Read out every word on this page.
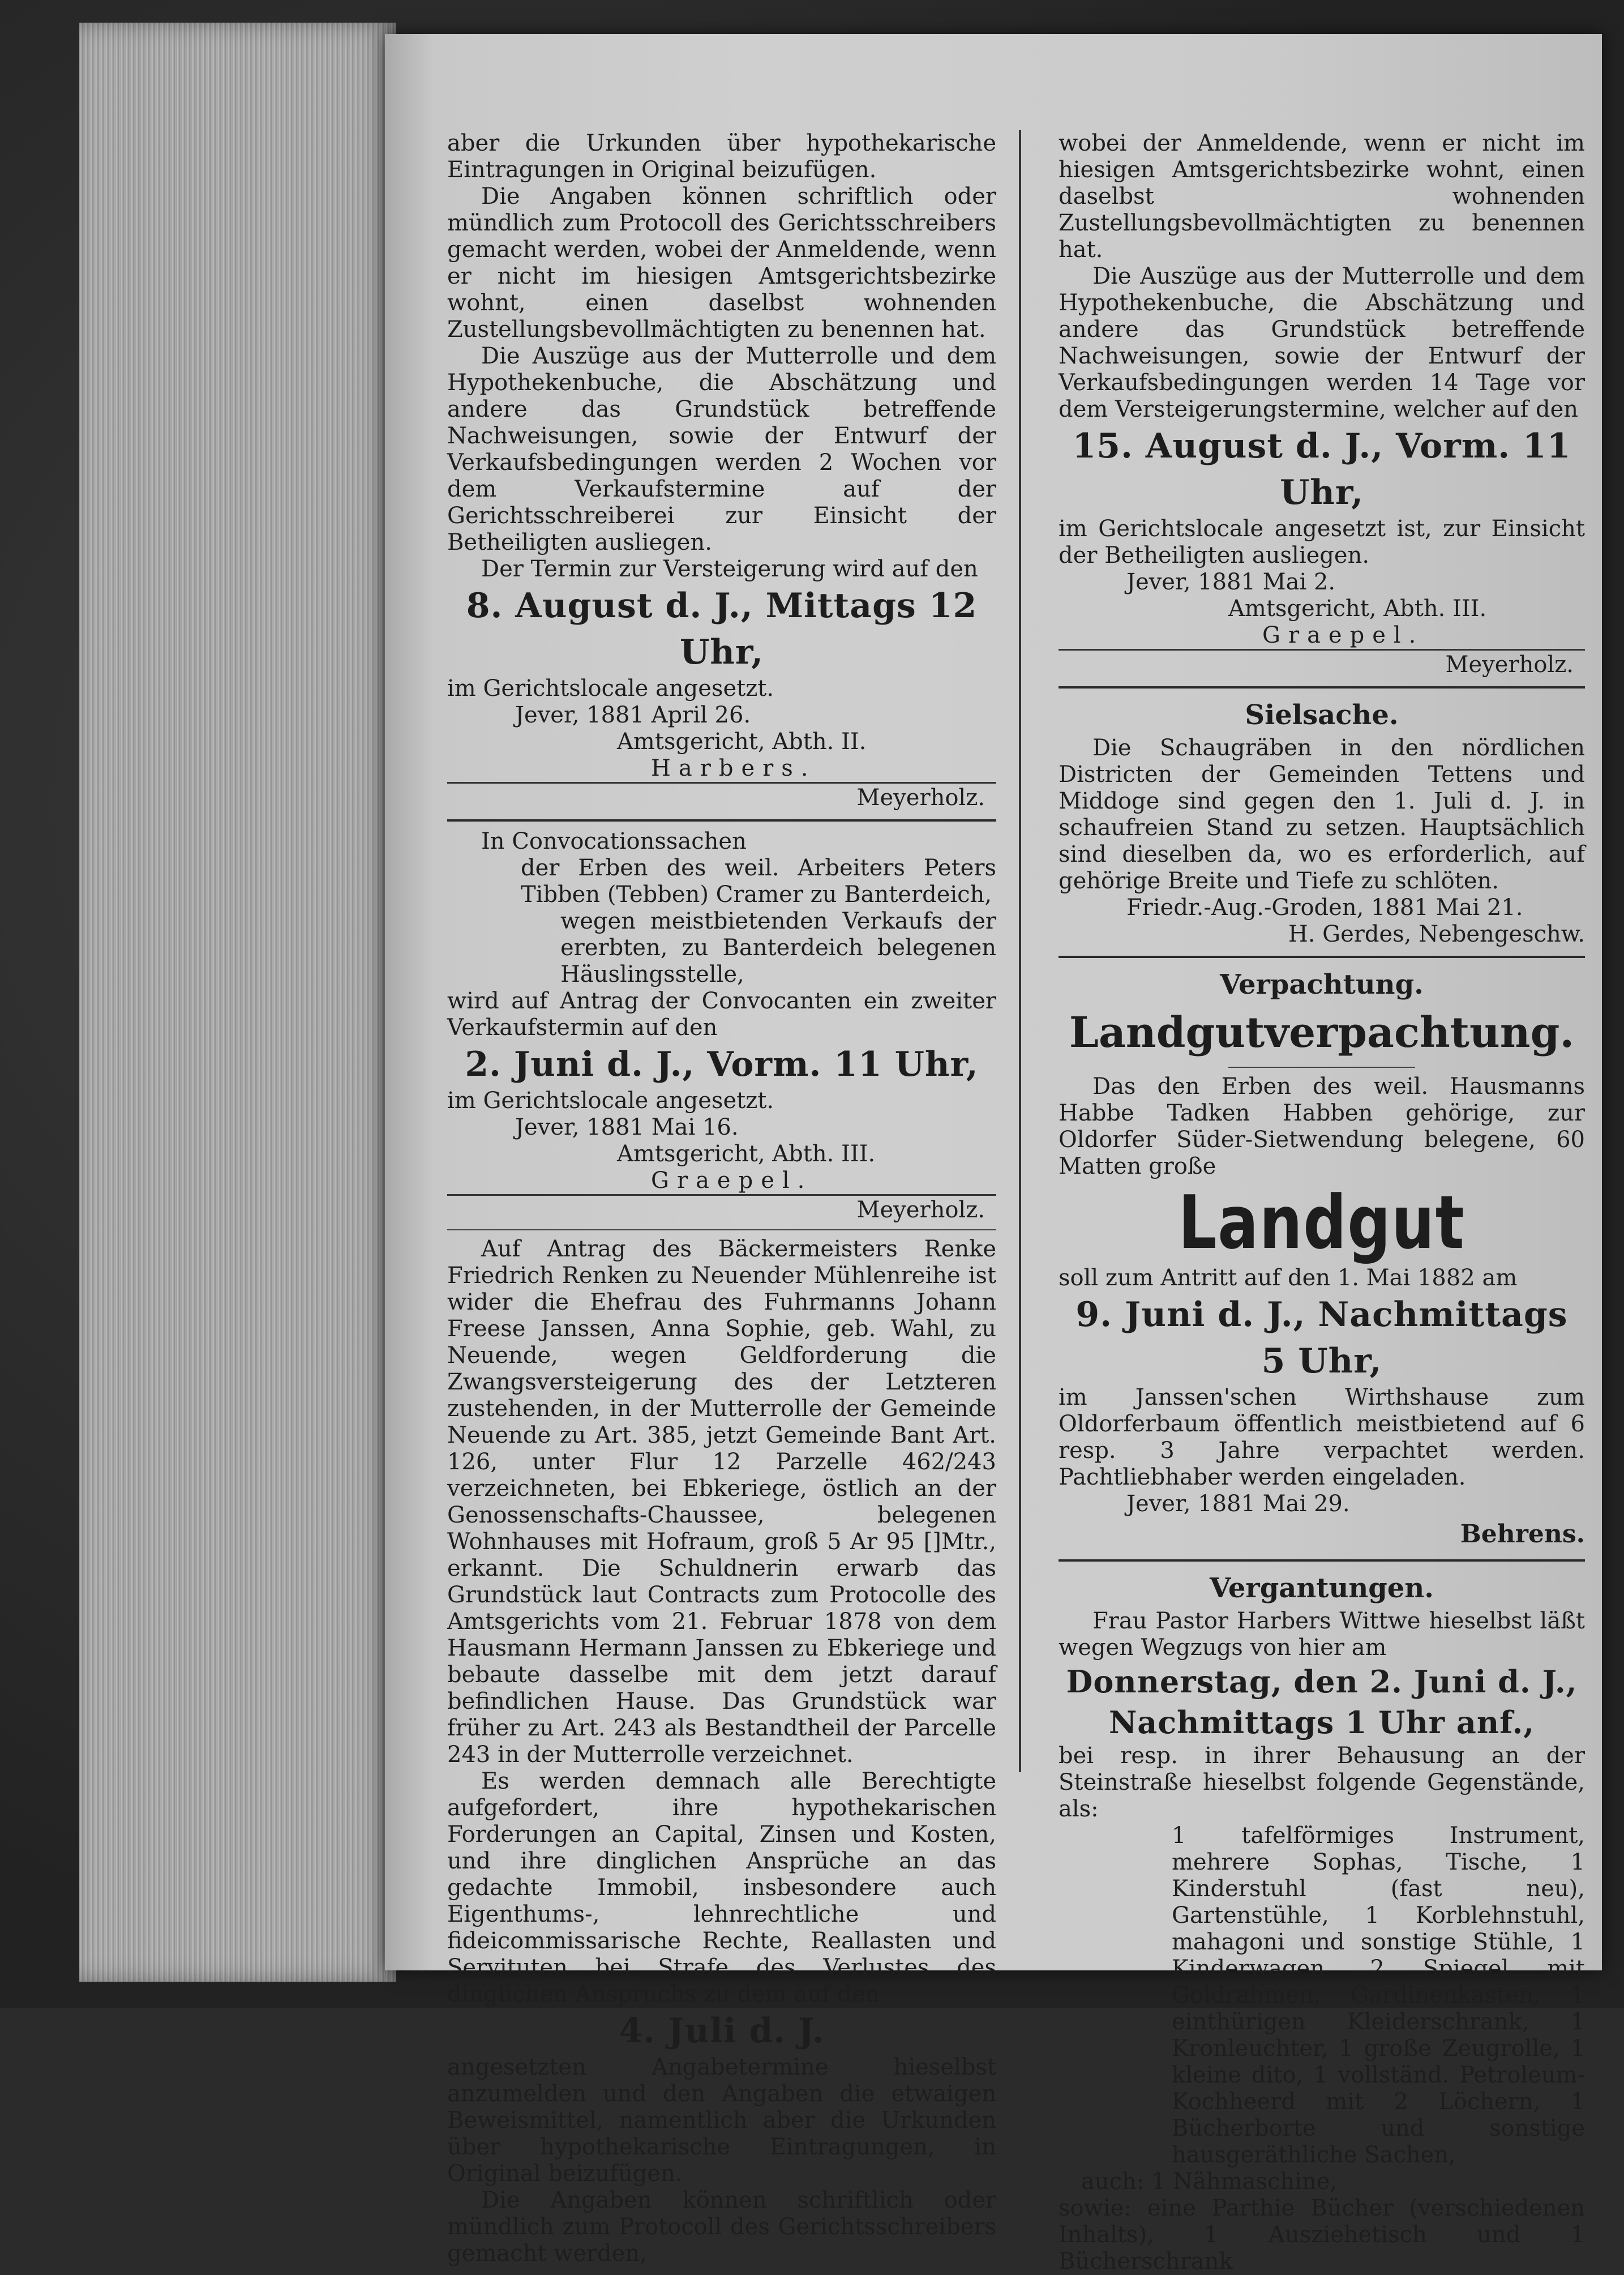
aber die Urkunden über hypothekarische Eintragungen in Original beizufügen.

Die Angaben können schriftlich oder mündlich zum Protocoll des Gerichtsschreibers gemacht werden, wobei der Anmeldende, wenn er nicht im hiesigen Amtsgerichtsbezirke wohnt, einen daselbst wohnenden Zustellungsbevollmächtigten zu benennen hat.

Die Auszüge aus der Mutterrolle und dem Hypothekenbuche, die Abschätzung und andere das Grundstück betreffende Nachweisungen, sowie der Entwurf der Verkaufsbedingungen werden 2 Wochen vor dem Verkaufstermine auf der Gerichtsschreiberei zur Einsicht der Betheiligten ausliegen.

Der Termin zur Versteigerung wird auf den

8. August d. J., Mittags 12 Uhr,

im Gerichtslocale angesetzt.

Jever, 1881 April 26.

Amtsgericht, Abth. II.

Harbers.

Meyerholz.

In Convocationssachen

der Erben des weil. Arbeiters Peters Tibben (Tebben) Cramer zu Banterdeich,

wegen meistbietenden Verkaufs der ererbten, zu Banterdeich belegenen Häuslingsstelle,

wird auf Antrag der Convocanten ein zweiter Verkaufstermin auf den

2. Juni d. J., Vorm. 11 Uhr,

im Gerichtslocale angesetzt.

Jever, 1881 Mai 16.

Amtsgericht, Abth. III.

Graepel.

Meyerholz.

Auf Antrag des Bäckermeisters Renke Friedrich Renken zu Neuender Mühlenreihe ist wider die Ehefrau des Fuhrmanns Johann Freese Janssen, Anna Sophie, geb. Wahl, zu Neuende, wegen Geldforderung die Zwangsversteigerung des der Letzteren zustehenden, in der Mutterrolle der Gemeinde Neuende zu Art. 385, jetzt Gemeinde Bant Art. 126, unter Flur 12 Parzelle 462/243 verzeichneten, bei Ebkeriege, östlich an der Genossenschafts-Chaussee, belegenen Wohnhauses mit Hofraum, groß 5 Ar 95 []Mtr., erkannt. Die Schuldnerin erwarb das Grundstück laut Contracts zum Protocolle des Amtsgerichts vom 21. Februar 1878 von dem Hausmann Hermann Janssen zu Ebkeriege und bebaute dasselbe mit dem jetzt darauf befindlichen Hause. Das Grundstück war früher zu Art. 243 als Bestandtheil der Parcelle 243 in der Mutterrolle verzeichnet.

Es werden demnach alle Berechtigte aufgefordert, ihre hypothekarischen Forderungen an Capital, Zinsen und Kosten, und ihre dinglichen Ansprüche an das gedachte Immobil, insbesondere auch Eigenthums-, lehnrechtliche und fideicommissarische Rechte, Reallasten und Servituten bei Strafe des Verlustes des dinglichen Anspruchs zu dem auf den

4. Juli d. J.

angesetzten Angabetermine hieselbst anzumelden und den Angaben die etwaigen Beweismittel, namentlich aber die Urkunden über hypothekarische Eintragungen, in Original beizufügen.

Die Angaben können schriftlich oder mündlich zum Protocoll des Gerichtsschreibers gemacht werden,

wobei der Anmeldende, wenn er nicht im hiesigen Amtsgerichtsbezirke wohnt, einen daselbst wohnenden Zustellungsbevollmächtigten zu benennen hat.

Die Auszüge aus der Mutterrolle und dem Hypothekenbuche, die Abschätzung und andere das Grundstück betreffende Nachweisungen, sowie der Entwurf der Verkaufsbedingungen werden 14 Tage vor dem Versteigerungstermine, welcher auf den

15. August d. J., Vorm. 11 Uhr,

im Gerichtslocale angesetzt ist, zur Einsicht der Betheiligten ausliegen.

Jever, 1881 Mai 2.

Amtsgericht, Abth. III.

Graepel.

Meyerholz.

Sielsache.

Die Schaugräben in den nördlichen Districten der Gemeinden Tettens und Middoge sind gegen den 1. Juli d. J. in schaufreien Stand zu setzen. Hauptsächlich sind dieselben da, wo es erforderlich, auf gehörige Breite und Tiefe zu schlöten.

Friedr.-Aug.-Groden, 1881 Mai 21.

H. Gerdes, Nebengeschw.

Verpachtung.

Landgutverpachtung.

Das den Erben des weil. Hausmanns Habbe Tadken Habben gehörige, zur Oldorfer Süder-Sietwendung belegene, 60 Matten große

Landgut

soll zum Antritt auf den 1. Mai 1882 am

9. Juni d. J., Nachmittags 5 Uhr,

im Janssen'schen Wirthshause zum Oldorferbaum öffentlich meistbietend auf 6 resp. 3 Jahre verpachtet werden. Pachtliebhaber werden eingeladen.

Jever, 1881 Mai 29.

Behrens.

Vergantungen.

Frau Pastor Harbers Wittwe hieselbst läßt wegen Wegzugs von hier am

Donnerstag, den 2. Juni d. J.,

Nachmittags 1 Uhr anf.,

bei resp. in ihrer Behausung an der Steinstraße hieselbst folgende Gegenstände, als:

1 tafelförmiges Instrument, mehrere Sophas, Tische, 1 Kinderstuhl (fast neu), Gartenstühle, 1 Korblehnstuhl, mahagoni und sonstige Stühle, 1 Kinderwagen, 2 Spiegel mit Goldrahmen, Gardinenkasten, 1 einthürigen Kleiderschrank, 1 Kronleuchter, 1 große Zeugrolle, 1 kleine dito, 1 vollständ. Petroleum-Kochheerd mit 2 Löchern, 1 Bücherborte und sonstige hausgeräthliche Sachen,

auch: 1 Nähmaschine,

sowie: eine Parthie Bücher (verschiedenen Inhalts), 1 Ausziehetisch und 1 Bücherschrank
